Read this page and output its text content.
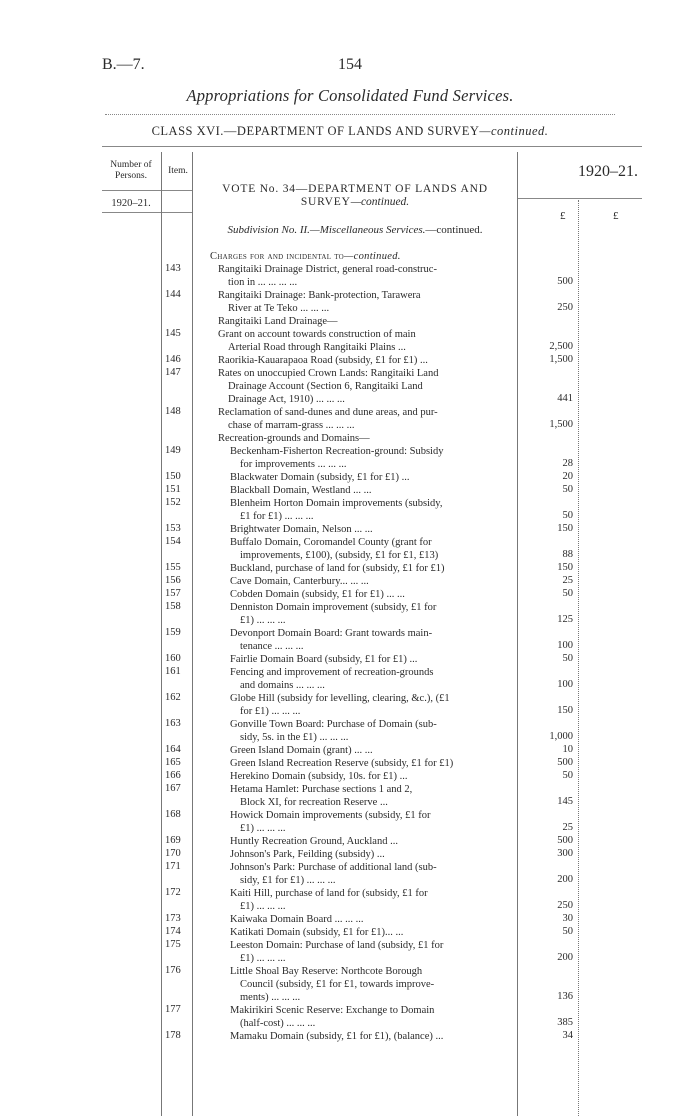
B.—7.	154
Appropriations for Consolidated Fund Services.
CLASS XVI.—DEPARTMENT OF LANDS AND SURVEY—continued.
Number of Persons.	Item.	1920–21.
1920–21.
£	£
VOTE No. 34—DEPARTMENT OF LANDS AND SURVEY—continued.
Subdivision No. II.—Miscellaneous Services.—continued.
Charges for and incidental to—continued.
143	Rangitaiki Drainage District, general road-construc-
tion in ... ... ... ...	500
144	Rangitaiki Drainage: Bank-protection, Tarawera
River at Te Teko ... ... ...	250
Rangitaiki Land Drainage—
145	Grant on account towards construction of main
Arterial Road through Rangitaiki Plains ...	2,500
146	Raorikia-Kauarapaoa Road (subsidy, £1 for £1) ...	1,500
147	Rates on unoccupied Crown Lands: Rangitaiki Land
Drainage Account (Section 6, Rangitaiki Land
Drainage Act, 1910) ... ... ...	441
148	Reclamation of sand-dunes and dune areas, and pur-
chase of marram-grass ... ... ...	1,500
Recreation-grounds and Domains—
149	Beckenham-Fisherton Recreation-ground: Subsidy
for improvements ... ... ...	28
150	Blackwater Domain (subsidy, £1 for £1) ...	20
151	Blackball Domain, Westland ... ...	50
152	Blenheim Horton Domain improvements (subsidy,
£1 for £1) ... ... ...	50
153	Brightwater Domain, Nelson ... ...	150
154	Buffalo Domain, Coromandel County (grant for
improvements, £100), (subsidy, £1 for £1, £13)	88
155	Buckland, purchase of land for (subsidy, £1 for £1)	150
156	Cave Domain, Canterbury... ... ...	25
157	Cobden Domain (subsidy, £1 for £1) ... ...	50
158	Denniston Domain improvement (subsidy, £1 for
£1) ... ... ...	125
159	Devonport Domain Board: Grant towards main-
tenance ... ... ...	100
160	Fairlie Domain Board (subsidy, £1 for £1) ...	50
161	Fencing and improvement of recreation-grounds
and domains ... ... ...	100
162	Globe Hill (subsidy for levelling, clearing, &c.), (£1
for £1) ... ... ...	150
163	Gonville Town Board: Purchase of Domain (sub-
sidy, 5s. in the £1) ... ... ...	1,000
164	Green Island Domain (grant) ... ...	10
165	Green Island Recreation Reserve (subsidy, £1 for £1)	500
166	Herekino Domain (subsidy, 10s. for £1) ...	50
167	Hetama Hamlet: Purchase sections 1 and 2,
Block XI, for recreation Reserve ...	145
168	Howick Domain improvements (subsidy, £1 for
£1) ... ... ...	25
169	Huntly Recreation Ground, Auckland ...	500
170	Johnson's Park, Feilding (subsidy) ...	300
171	Johnson's Park: Purchase of additional land (sub-
sidy, £1 for £1) ... ... ...	200
172	Kaiti Hill, purchase of land for (subsidy, £1 for
£1) ... ... ...	250
173	Kaiwaka Domain Board ... ... ...	30
174	Katikati Domain (subsidy, £1 for £1)... ...	50
175	Leeston Domain: Purchase of land (subsidy, £1 for
£1) ... ... ...	200
176	Little Shoal Bay Reserve: Northcote Borough
Council (subsidy, £1 for £1, towards improve-
ments) ... ... ...	136
177	Makirikiri Scenic Reserve: Exchange to Domain
(half-cost) ... ... ...	385
178	Mamaku Domain (subsidy, £1 for £1), (balance) ...	34
